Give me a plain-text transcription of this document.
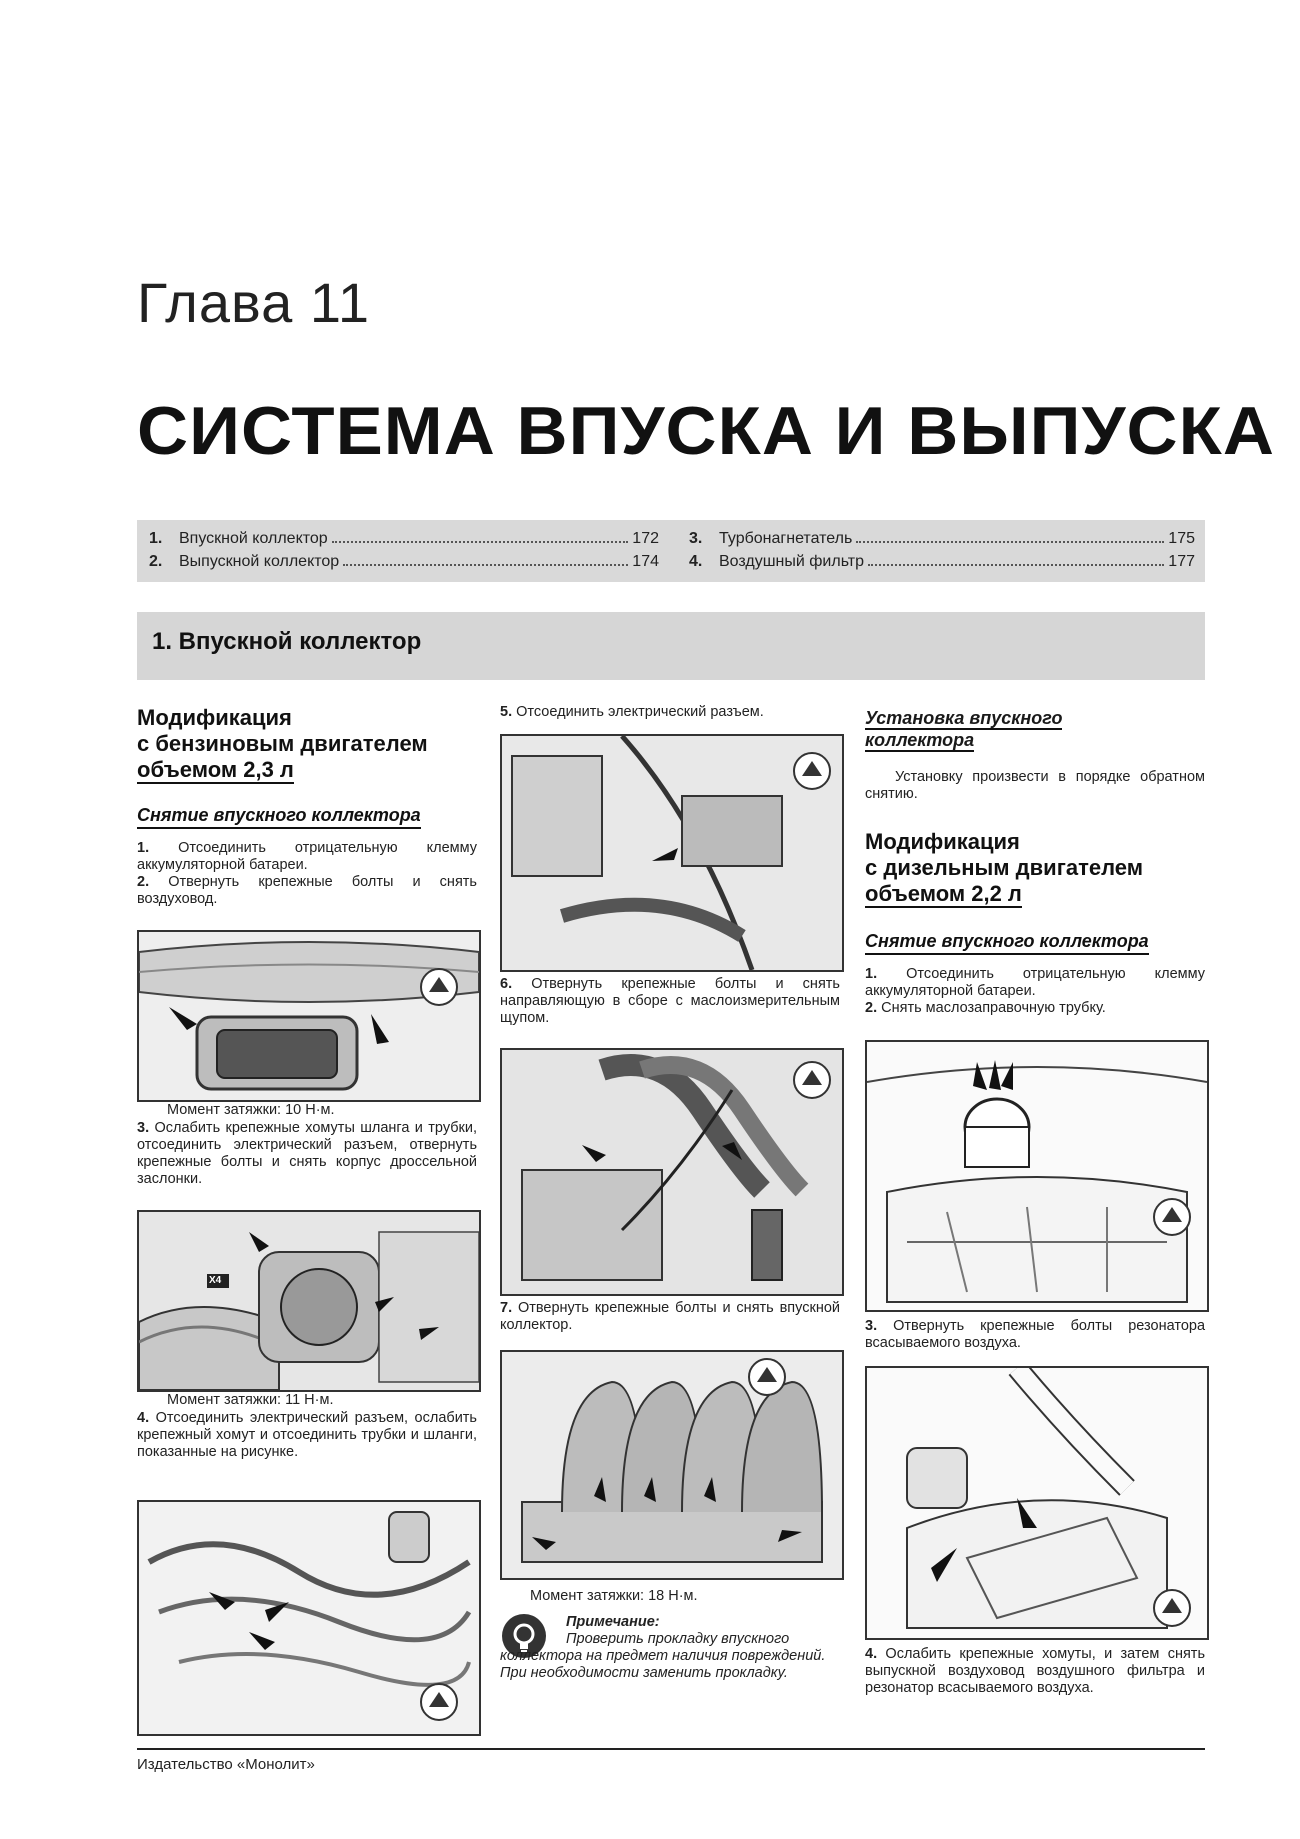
Глава 11
СИСТЕМА ВПУСКА И ВЫПУСКА
1.	Впускной коллектор	172
2.	Выпускной коллектор	174
3.	Турбонагнетатель	175
4.	Воздушный фильтр	177
1. Впускной коллектор
Модификация
с бензиновым двигателем
объемом 2,3 л
Снятие впускного коллектора
1. Отсоединить отрицательную клемму аккумуляторной батареи.
2. Отвернуть крепежные болты и снять воздуховод.
Момент затяжки: 10 Н·м.
3. Ослабить крепежные хомуты шланга и трубки, отсоединить электрический разъем, отвернуть крепежные болты и снять корпус дроссельной заслонки.
X4
Момент затяжки: 11 Н·м.
4. Отсоединить электрический разъем, ослабить крепежный хомут и отсоединить трубки и шланги, показанные на рисунке.
5. Отсоединить электрический разъем.
6. Отвернуть крепежные болты и снять направляющую в сборе с маслоизмерительным щупом.
7. Отвернуть крепежные болты и снять впускной коллектор.
Момент затяжки: 18 Н·м.
Примечание:
Проверить прокладку впускного коллектора на предмет наличия повреждений. При необходимости заменить прокладку.
Установка впускного коллектора
Установку произвести в порядке обратном снятию.
Модификация
с дизельным двигателем
объемом 2,2 л
Снятие впускного коллектора
1. Отсоединить отрицательную клемму аккумуляторной батареи.
2. Снять маслозаправочную трубку.
3. Отвернуть крепежные болты резонатора всасываемого воздуха.
4. Ослабить крепежные хомуты, и затем снять выпускной воздуховод воздушного фильтра и резонатор всасываемого воздуха.
Издательство «Монолит»
